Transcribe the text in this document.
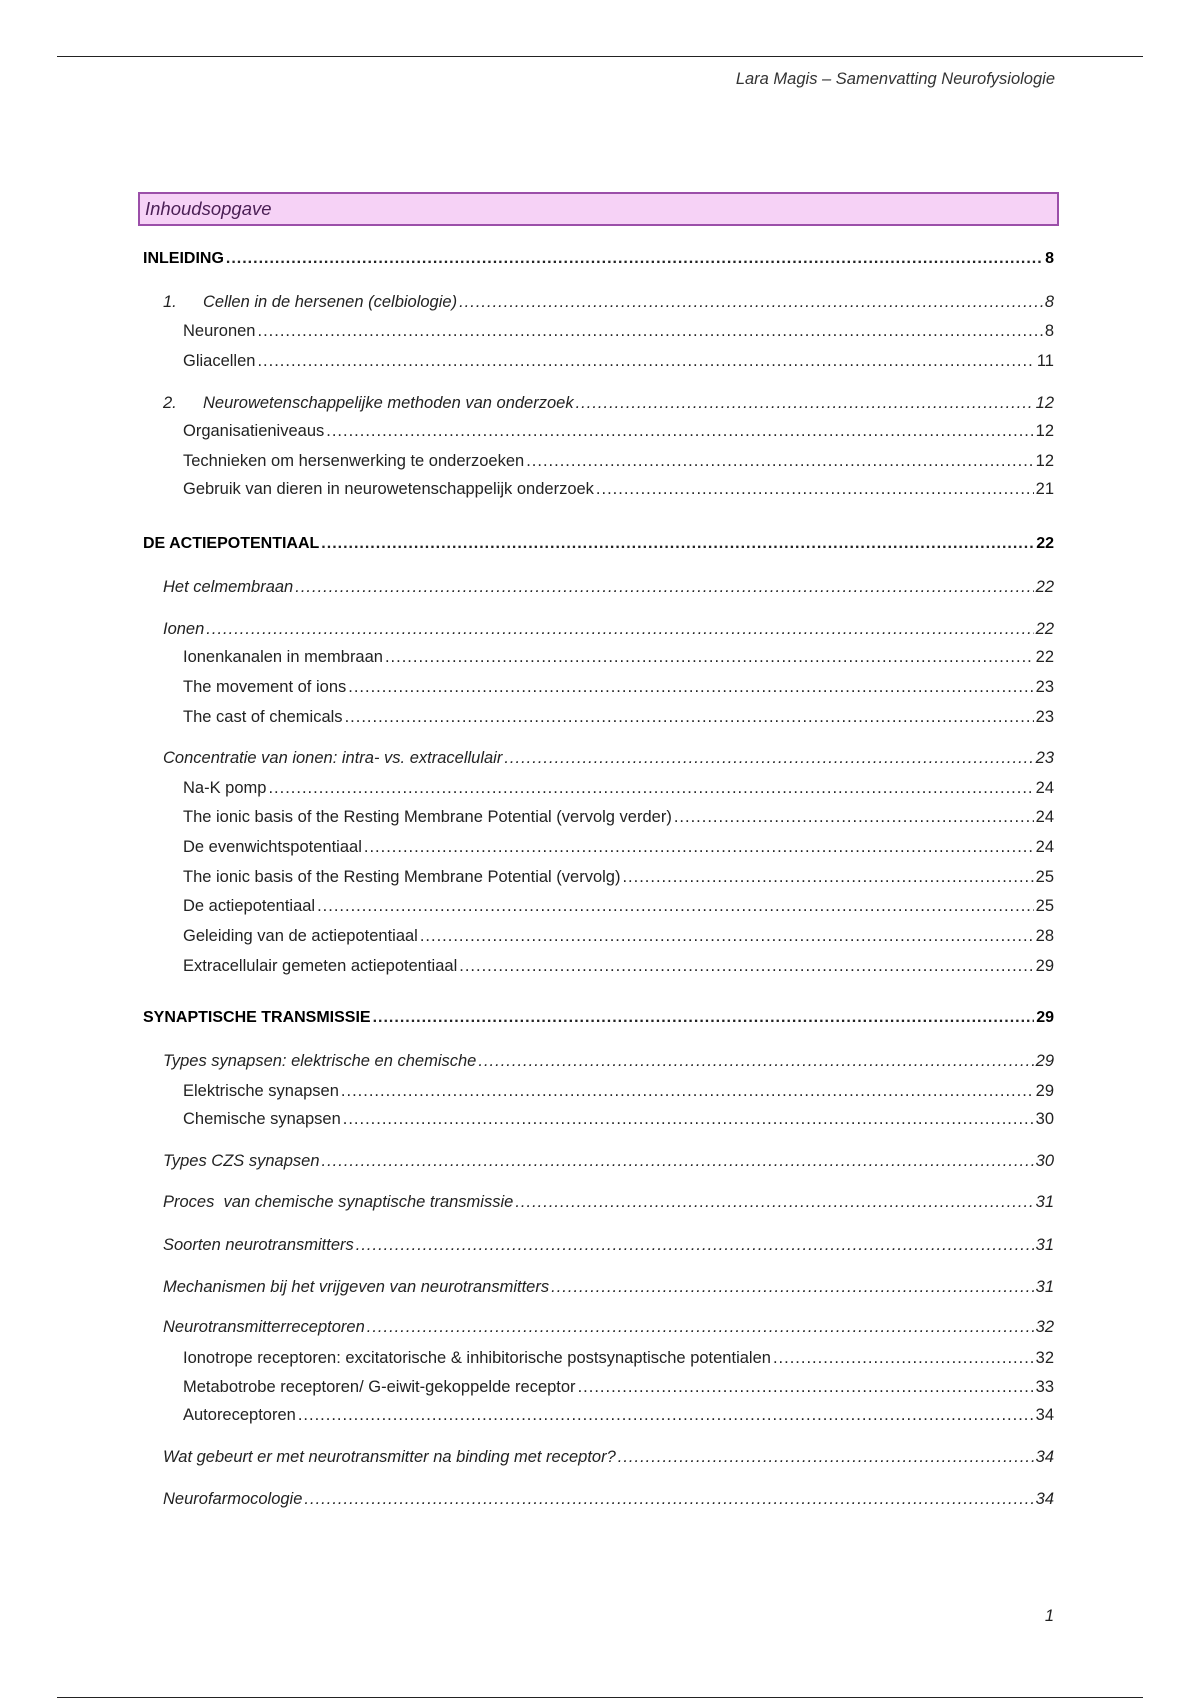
Lara Magis – Samenvatting Neurofysiologie
Inhoudsopgave
INLEIDING .....	8
1.	Cellen in de hersenen (celbiologie) .....	8
Neuronen .....	8
Gliacellen .....	11
2.	Neurowetenschappelijke methoden van onderzoek .....	12
Organisatieniveaus .....	12
Technieken om hersenwerking te onderzoeken .....	12
Gebruik van dieren in neurowetenschappelijk onderzoek .....	21
DE ACTIEPOTENTIAAL .....	22
Het celmembraan .....	22
Ionen .....	22
Ionenkanalen in membraan .....	22
The movement of ions .....	23
The cast of chemicals .....	23
Concentratie van ionen: intra- vs. extracellulair .....	23
Na-K pomp .....	24
The ionic basis of the Resting Membrane Potential (vervolg verder) .....	24
De evenwichtspotentiaal .....	24
The ionic basis of the Resting Membrane Potential (vervolg) .....	25
De actiepotentiaal .....	25
Geleiding van de actiepotentiaal .....	28
Extracellulair gemeten actiepotentiaal .....	29
SYNAPTISCHE TRANSMISSIE .....	29
Types synapsen: elektrische en chemische .....	29
Elektrische synapsen .....	29
Chemische synapsen .....	30
Types CZS synapsen .....	30
Proces  van chemische synaptische transmissie .....	31
Soorten neurotransmitters .....	31
Mechanismen bij het vrijgeven van neurotransmitters .....	31
Neurotransmitterreceptoren .....	32
Ionotrope receptoren: excitatorische & inhibitorische postsynaptische potentialen .....	32
Metabotrobe receptoren/ G-eiwit-gekoppelde receptor .....	33
Autoreceptoren .....	34
Wat gebeurt er met neurotransmitter na binding met receptor? .....	34
Neurofarmocologie .....	34
1
